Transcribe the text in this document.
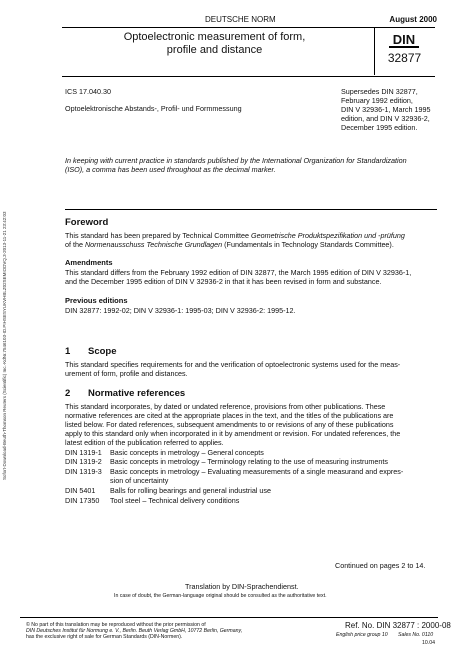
DEUTSCHE NORM	August 2000
Optoelectronic measurement of form,
profile and distance
DIN
32877
ICS 17.040.30
Optoelektronische Abstands-, Profil- und Formmessung
Supersedes DIN 32877,
February 1992 edition,
DIN V 32936-1, March 1995
edition, and DIN V 32936-2,
December 1995 edition.
In keeping with current practice in standards published by the International Organization for Standardization
(ISO), a comma has been used throughout as the decimal marker.
Foreword
This standard has been prepared by Technical Committee Geometrische Produktspezifikation und -prüfung
of the Normenausschuss Technische Grundlagen (Fundamentals in Technology Standards Committee).
Amendments
This standard differs from the February 1992 edition of DIN 32877, the March 1995 edition of DIN V 32936-1,
and the December 1995 edition of DIN V 32936-2 in that it has been revised in form and substance.
Previous editions
DIN 32877: 1992-02; DIN V 32936-1: 1995-03; DIN V 32936-2: 1995-12.
1 Scope
This standard specifies requirements for and the verification of optoelectronic systems used for the meas-
urement of form, profile and distances.
2 Normative references
This standard incorporates, by dated or undated reference, provisions from other publications. These
normative references are cited at the appropriate places in the text, and the titles of the publications are
listed below. For dated references, subsequent amendments to or revisions of any of these publications
apply to this standard only when incorporated in it by amendment or revision. For undated references, the
latest edition of the publication referred to applies.
DIN 1319-1 Basic concepts in metrology – General concepts
DIN 1319-2 Basic concepts in metrology – Terminology relating to the use of measuring instruments
DIN 1319-3 Basic concepts in metrology – Evaluating measurements of a single measurand and expres-
sion of uncertainty
DIN 5401 Balls for rolling bearings and general industrial use
DIN 17350 Tool steel – Technical delivery conditions
Continued on pages 2 to 14.
Translation by DIN-Sprachendienst.
In case of doubt, the German-language original should be consulted as the authoritative text.
© No part of this translation may be reproduced without the prior permission of
DIN Deutsches Institut für Normung e. V., Berlin. Beuth Verlag GmbH, 10772 Berlin, Germany,
has the exclusive right of sale for German Standards (DIN-Normen).
Ref. No. DIN 32877 : 2000-08
English price group 10 Sales No. 0110
10.04
Sofort-Download-Beuth-Thomson Reuters (Scientific) Inc.-KdNr.7546103-ID.PIHSESYUKVHBLZ02SEMIODVQ.3-2013-11-21 23:42:03
